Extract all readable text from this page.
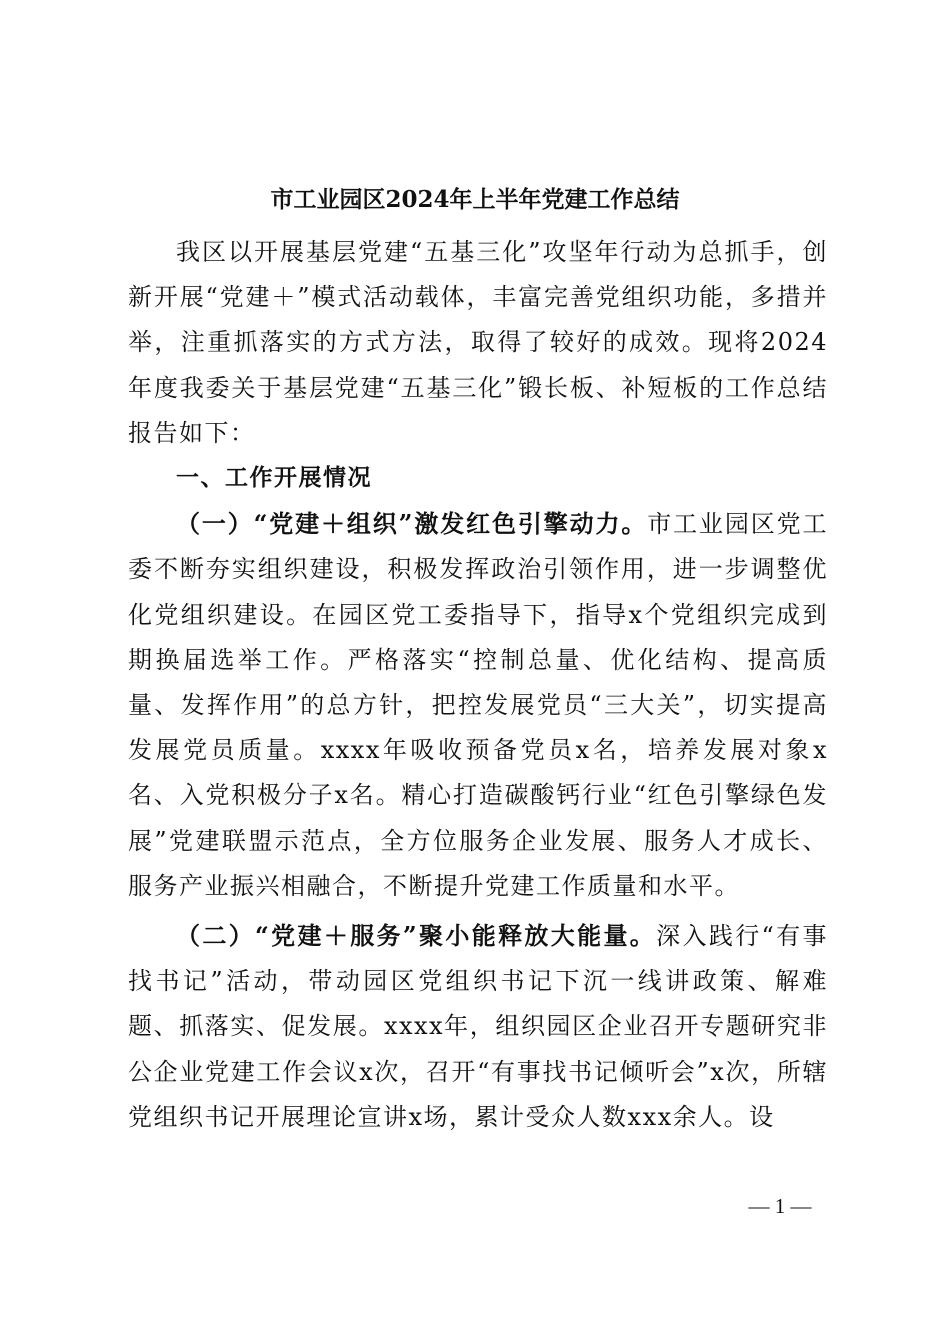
市工业园区2024年上半年党建工作总结

我区以开展基层党建“五基三化”攻坚年行动为总抓手，创新开展“党建＋”模式活动载体，丰富完善党组织功能，多措并举，注重抓落实的方式方法，取得了较好的成效。现将2024年度我委关于基层党建“五基三化”锻长板、补短板的工作总结报告如下：

一、工作开展情况

（一）“党建＋组织”激发红色引擎动力。市工业园区党工委不断夯实组织建设，积极发挥政治引领作用，进一步调整优化党组织建设。在园区党工委指导下，指导x个党组织完成到期换届选举工作。严格落实“控制总量、优化结构、提高质量、发挥作用”的总方针，把控发展党员“三大关”，切实提高发展党员质量。xxxx年吸收预备党员x名，培养发展对象x名、入党积极分子x名。精心打造碳酸钙行业“红色引擎绿色发展”党建联盟示范点，全方位服务企业发展、服务人才成长、服务产业振兴相融合，不断提升党建工作质量和水平。

（二）“党建＋服务”聚小能释放大能量。深入践行“有事找书记”活动，带动园区党组织书记下沉一线讲政策、解难题、抓落实、促发展。xxxx年，组织园区企业召开专题研究非公企业党建工作会议x次，召开“有事找书记倾听会”x次，所辖党组织书记开展理论宣讲x场，累计受众人数xxx余人。设

— 1 —
